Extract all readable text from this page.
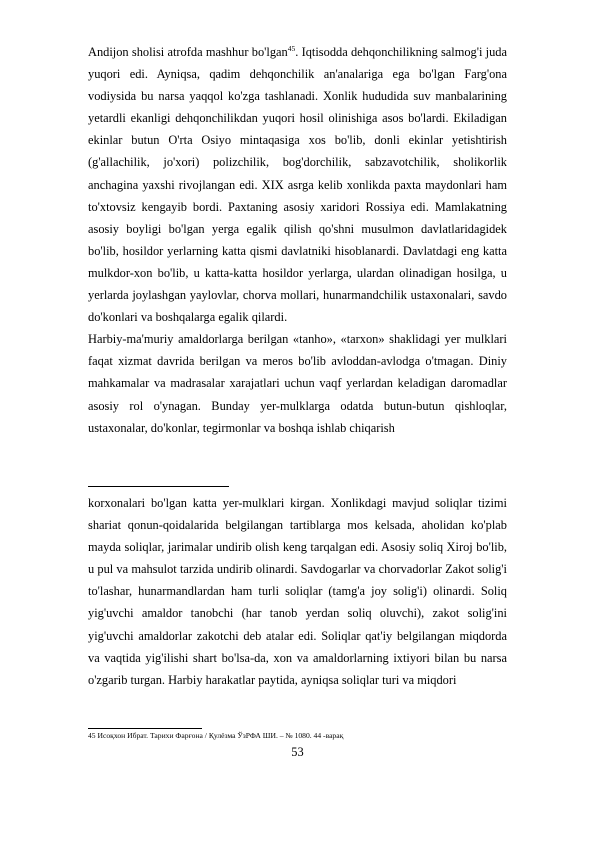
Andijon sholisi atrofda mashhur bo'lgan$^{45}$. Iqtisodda dehqonchilikning salmog'i juda yuqori edi. Ayniqsa, qadim dehqonchilik an'analariga ega bo'lgan Farg'ona vodiysida bu narsa yaqqol ko'zga tashlanadi. Xonlik hududida suv manbalarining yetardli ekanligi dehqonchilikdan yuqori hosil olinishiga asos bo'lardi. Ekiladigan ekinlar butun O'rta Osiyo mintaqasiga xos bo'lib, donli ekinlar yetishtirish (g'allachilik, jo'xori) polizchilik, bog'dorchilik, sabzavotchilik, sholikorlik anchagina yaxshi rivojlangan edi. XIX asrga kelib xonlikda paxta maydonlari ham to'xtovsiz kengayib bordi. Paxtaning asosiy xaridori Rossiya edi. Mamlakatning asosiy boyligi bo'lgan yerga egalik qilish qo'shni musulmon davlatlaridagidek bo'lib, hosildor yerlarning katta qismi davlatniki hisoblanardi. Davlatdagi eng katta mulkdor-xon bo'lib, u katta-katta hosildor yerlarga, ulardan olinadigan hosilga, u yerlarda joylashgan yaylovlar, chorva mollari, hunarmandchilik ustaxonalari, savdo do'konlari va boshqalarga egalik qilardi.

Harbiy-ma'muriy amaldorlarga berilgan «tanho», «tarxon» shaklidagi yer mulklari faqat xizmat davrida berilgan va meros bo'lib avloddan-avlodga o'tmagan. Diniy mahkamalar va madrasalar xarajatlari uchun vaqf yerlardan keladigan daromadlar asosiy rol o'ynagan. Bunday yer-mulklarga odatda butun-butun qishloqlar, ustaxonalar, do'konlar, tegirmonlar va boshqa ishlab chiqarish

korxonalari bo'lgan katta yer-mulklari kirgan. Xonlikdagi mavjud soliqlar tizimi shariat qonun-qoidalarida belgilangan tartiblarga mos kelsada, aholidan ko'plab mayda soliqlar, jarimalar undirib olish keng tarqalgan edi. Asosiy soliq Xiroj bo'lib, u pul va mahsulot tarzida undirib olinardi. Savdogarlar va chorvadorlar Zakot solig'i to'lashar, hunarmandlardan ham turli soliqlar (tamg'a joy solig'i) olinardi. Soliq yig'uvchi amaldor tanobchi (har tanob yerdan soliq oluvchi), zakot solig'ini yig'uvchi amaldorlar zakotchi deb atalar edi. Soliqlar qat'iy belgilangan miqdorda va vaqtida yig'ilishi shart bo'lsa-da, xon va amaldorlarning ixtiyori bilan bu narsa o'zgarib turgan. Harbiy harakatlar paytida, ayniqsa soliqlar turi va miqdori

45 Исоқхон Ибрат. Тарихи Фарғона / Қулёзма ЎзРФА ШИ. – № 1080. 44 -варақ
53
